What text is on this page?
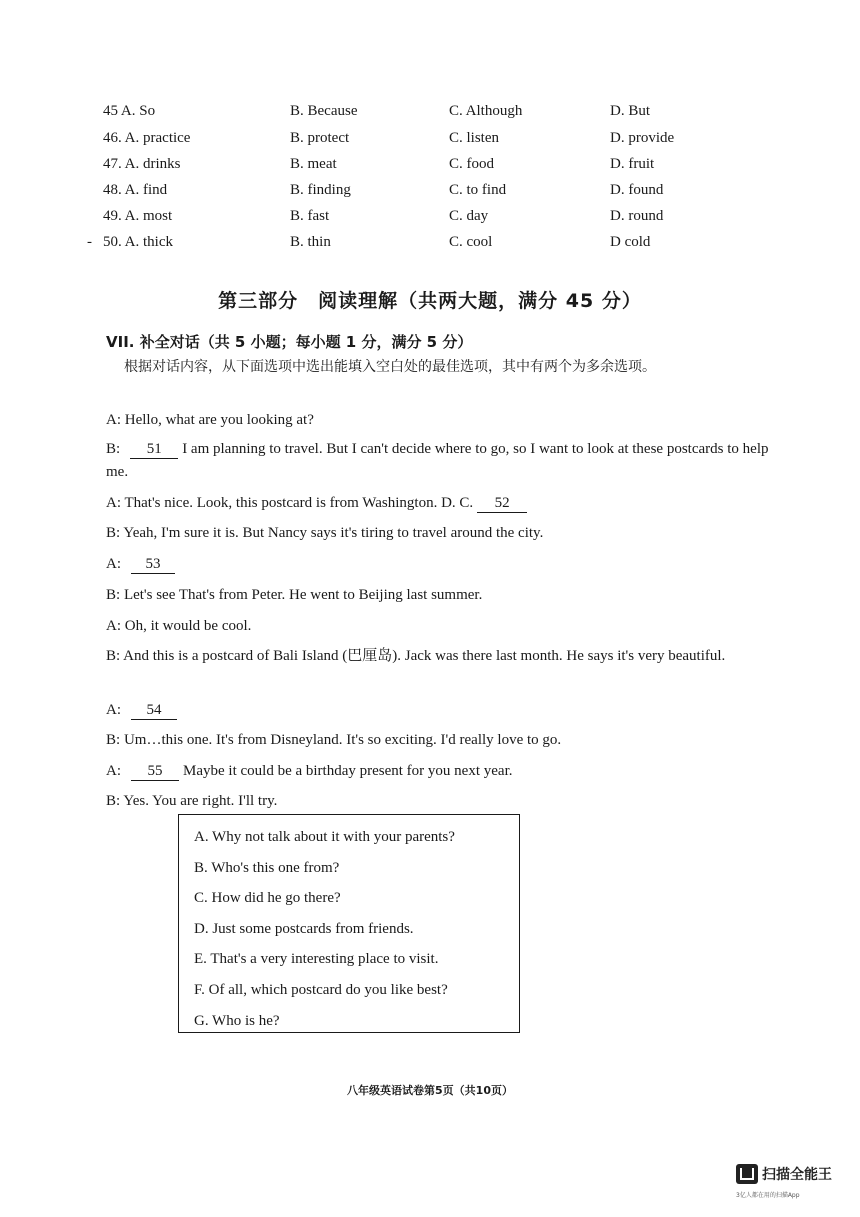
45 A. So	B. Because	C. Although	D. But
46. A. practice	B. protect	C. listen	D. provide
47. A. drinks	B. meat	C. food	D. fruit
48. A. find	B. finding	C. to find	D. found
49. A. most	B. fast	C. day	D. round
- 50. A. thick	B. thin	C. cool	D cold
第三部分　阅读理解（共两大题，满分 45 分）
VII. 补全对话（共 5 小题；每小题 1 分，满分 5 分）
根据对话内容，从下面选项中选出能填入空白处的最佳选项，其中有两个为多余选项。
A: Hello, what are you looking at?
B: 51 I am planning to travel. But I can't decide where to go, so I want to look at these postcards to help me.
A: That's nice. Look, this postcard is from Washington. D. C. 52
B: Yeah, I'm sure it is. But Nancy says it's tiring to travel around the city.
A: 53
B: Let's see That's from Peter. He went to Beijing last summer.
A: Oh, it would be cool.
B: And this is a postcard of Bali Island (巴厘岛). Jack was there last month. He says it's very beautiful.
A: 54
B: Um…this one. It's from Disneyland. It's so exciting. I'd really love to go.
A: 55 Maybe it could be a birthday present for you next year.
B: Yes. You are right. I'll try.
A. Why not talk about it with your parents?
B. Who's this one from?
C. How did he go there?
D. Just some postcards from friends.
E. That's a very interesting place to visit.
F. Of all, which postcard do you like best?
G. Who is he?
八年级英语试卷第5页（共10页）
扫描全能王
3亿人都在用的扫描App
